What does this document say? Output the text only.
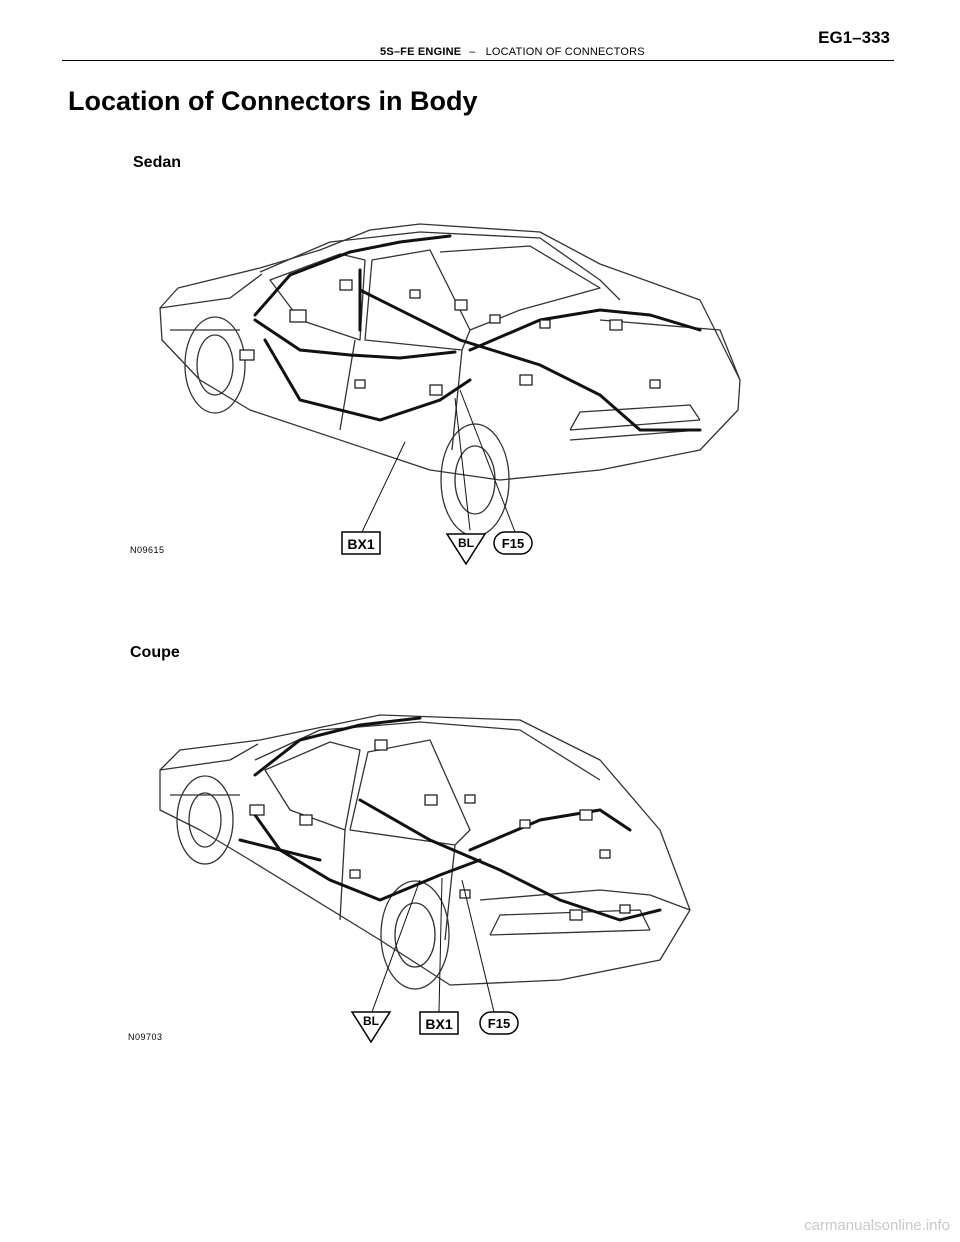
5S–FE ENGINE – LOCATION OF CONNECTORS
EG1–333
Location of Connectors in Body
Sedan
BX1	BL F15
N09615
Coupe
BL	BX1	F15
N09703
carmanualsonline.info
